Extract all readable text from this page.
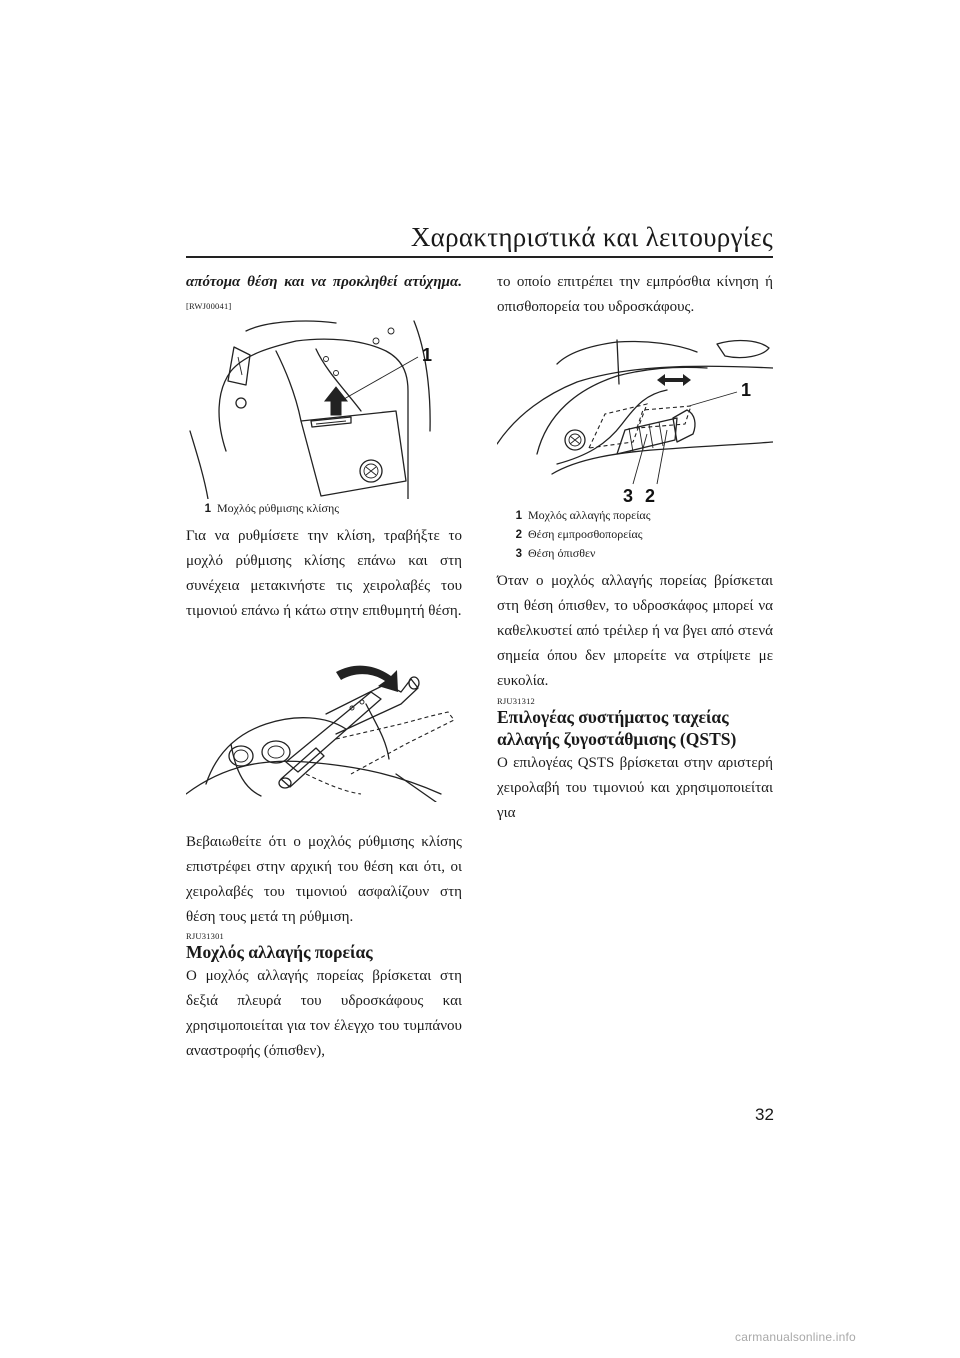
Χαρακτηριστικά και λειτουργίες

απότομα θέση και να προκληθεί ατύχημα.

[RWJ00041]

1
1 Μοχλός ρύθμισης κλίσης

Για να ρυθμίσετε την κλίση, τραβήξτε το μοχλό ρύθμισης κλίσης επάνω και στη συνέχεια μετακινήστε τις χειρολαβές του τιμονιού επάνω ή κάτω στην επιθυμητή θέση.

Βεβαιωθείτε ότι ο μοχλός ρύθμισης κλίσης επιστρέφει στην αρχική του θέση και ότι, οι χειρολαβές του τιμονιού ασφαλίζουν στη θέση τους μετά τη ρύθμιση.

RJU31301

Μοχλός αλλαγής πορείας

Ο μοχλός αλλαγής πορείας βρίσκεται στη δεξιά πλευρά του υδροσκάφους και χρησιμοποιείται για τον έλεγχο του τυμπάνου αναστροφής (όπισθεν),

το οποίο επιτρέπει την εμπρόσθια κίνηση ή οπισθοπορεία του υδροσκάφους.

1
3 2
1 Μοχλός αλλαγής πορείας
2 Θέση εμπροσθοπορείας
3 Θέση όπισθεν

Όταν ο μοχλός αλλαγής πορείας βρίσκεται στη θέση όπισθεν, το υδροσκάφος μπορεί να καθελκυστεί από τρέιλερ ή να βγει από στενά σημεία όπου δεν μπορείτε να στρίψετε με ευκολία.

RJU31312

Επιλογέας συστήματος ταχείας αλλαγής ζυγοστάθμισης (QSTS)

Ο επιλογέας QSTS βρίσκεται στην αριστερή χειρολαβή του τιμονιού και χρησιμοποιείται για

32
carmanualsonline.info
